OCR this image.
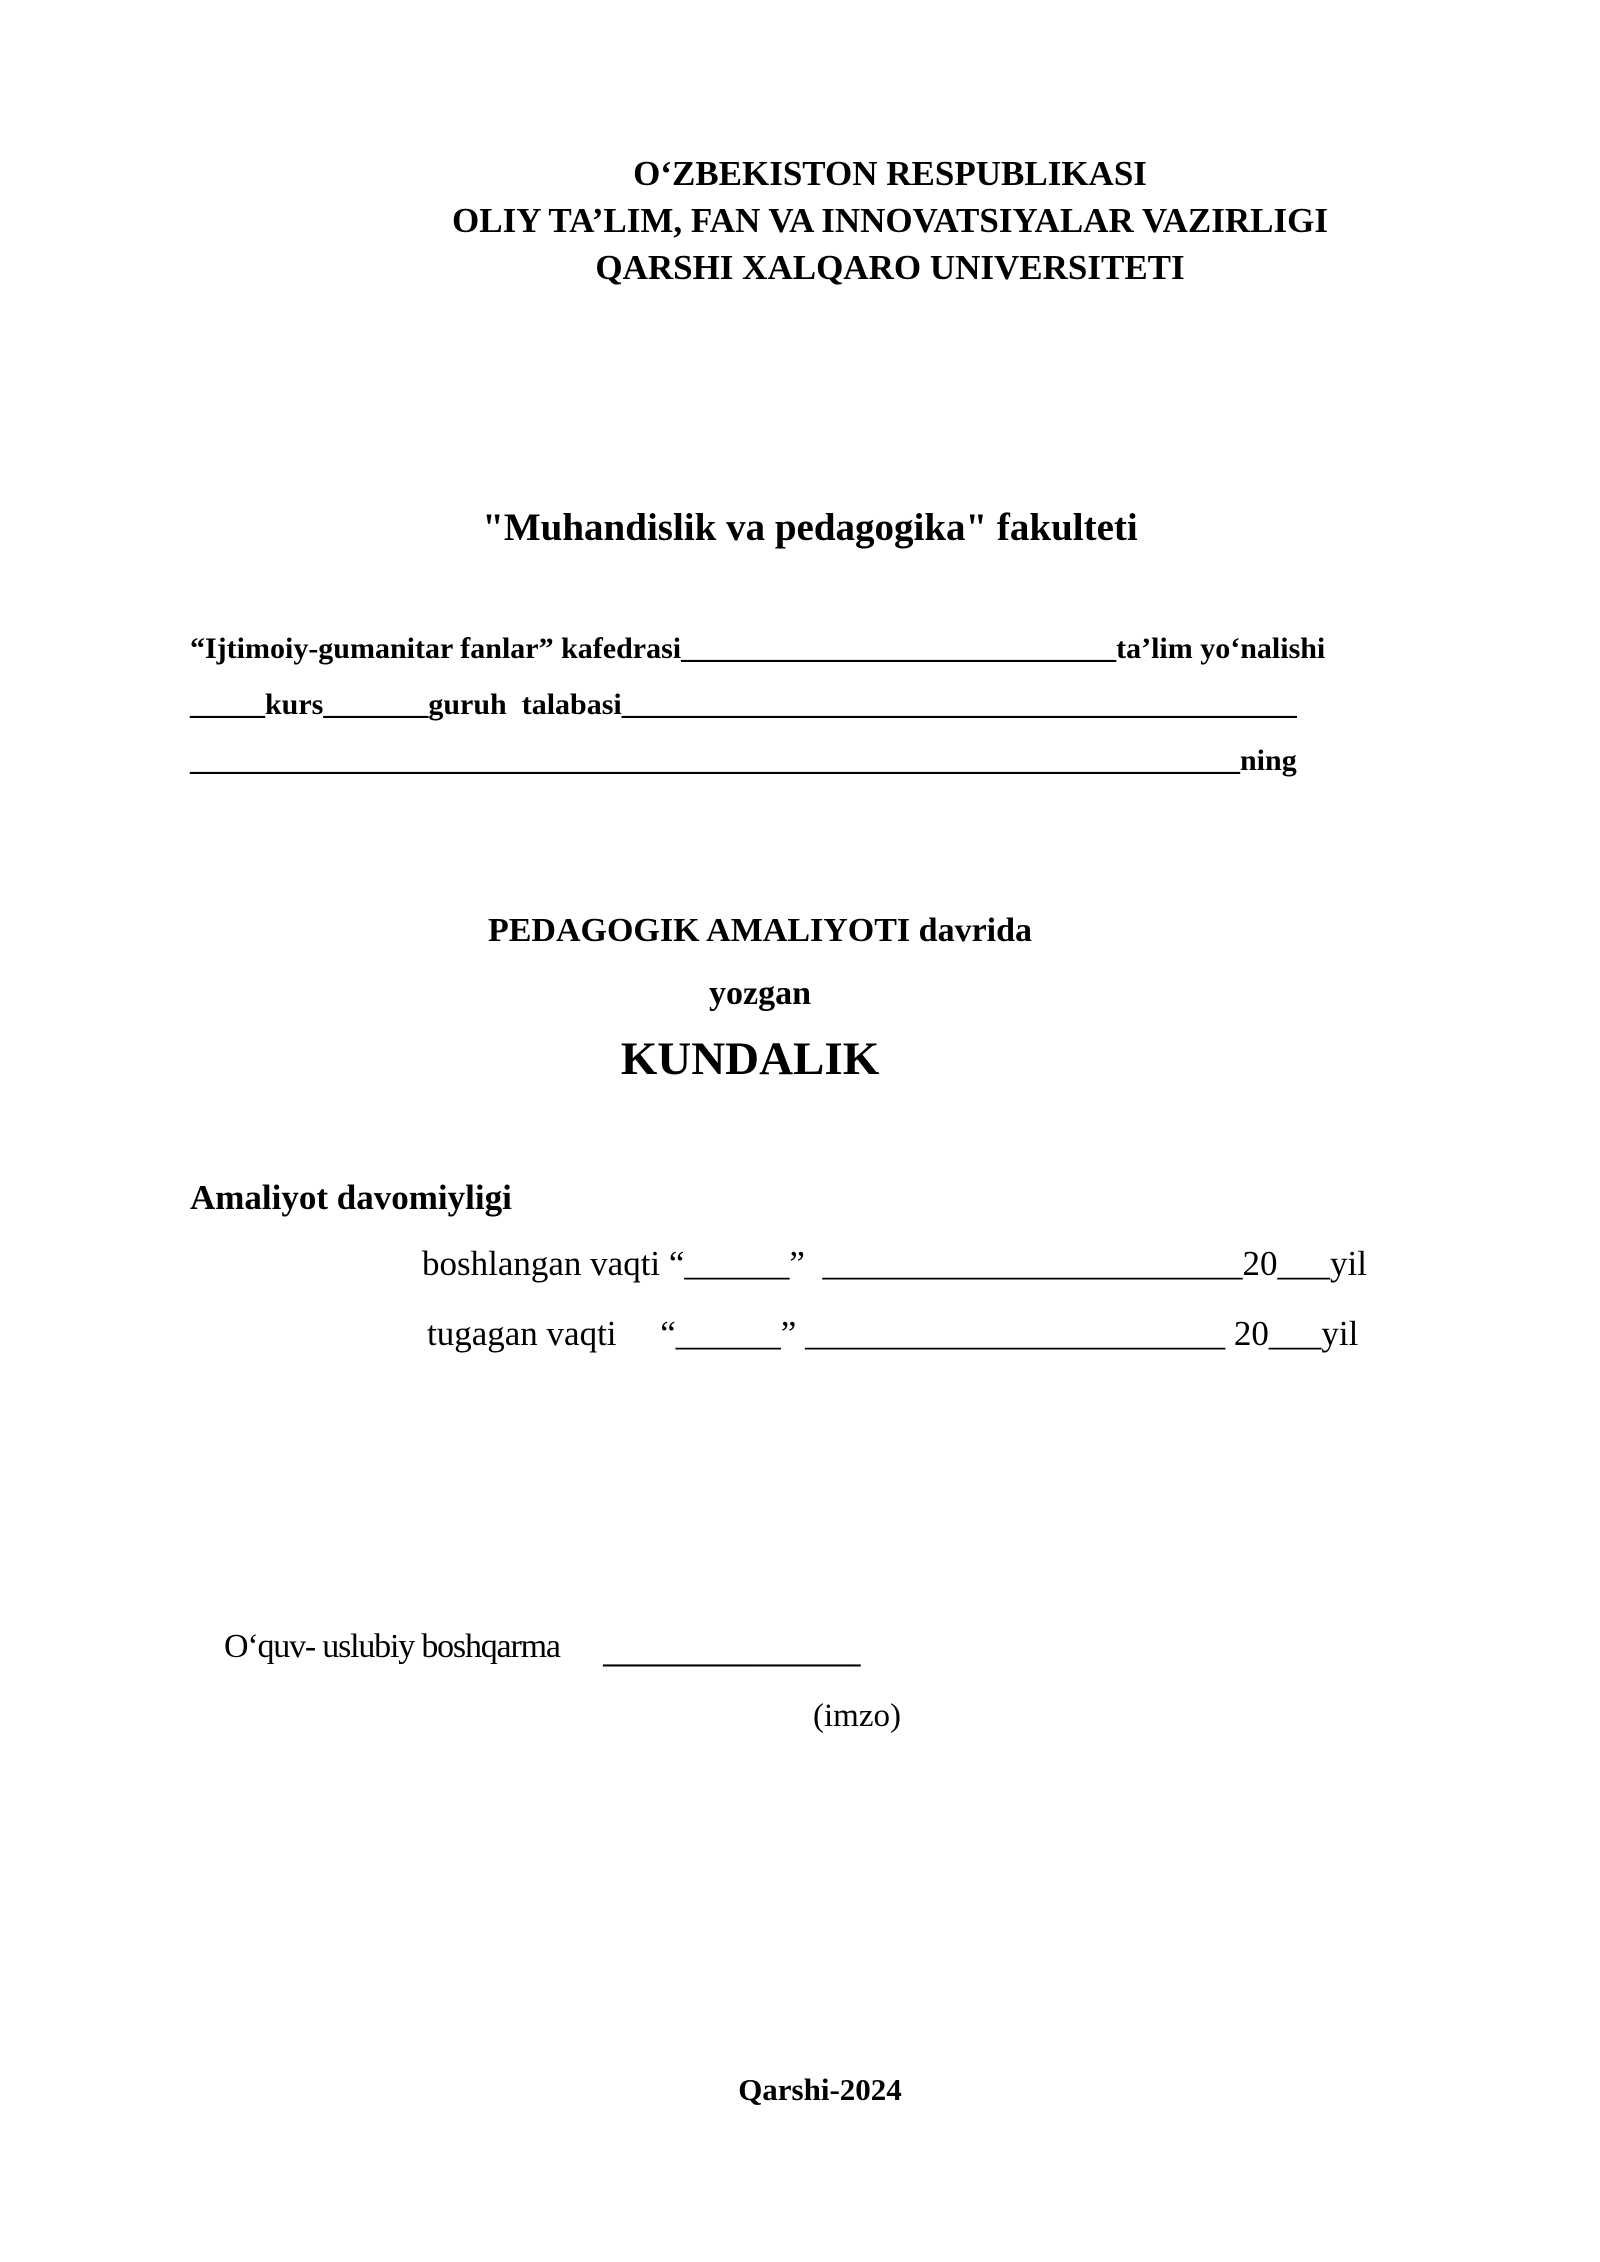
O‘ZBEKISTON RESPUBLIKASI
OLIY TA’LIM, FAN VA INNOVATSIYALAR VAZIRLIGI
QARSHI XALQARO UNIVERSITETI
"Muhandislik va pedagogika" fakulteti
“Ijtimoiy-gumanitar fanlar” kafedrasi_____________________________ta’lim yo‘nalishi
_____kurs_______guruh  talabasi_____________________________________________
______________________________________________________________________ning
PEDAGOGIK AMALIYOTI davrida
yozgan
KUNDALIK
Amaliyot davomiyligi
boshlangan vaqti “______”  ________________________20___yil
tugagan vaqti     “______” ________________________ 20___yil
O‘quv- uslubiy boshqarma -------------------------------------------
(imzo)
Qarshi-2024
